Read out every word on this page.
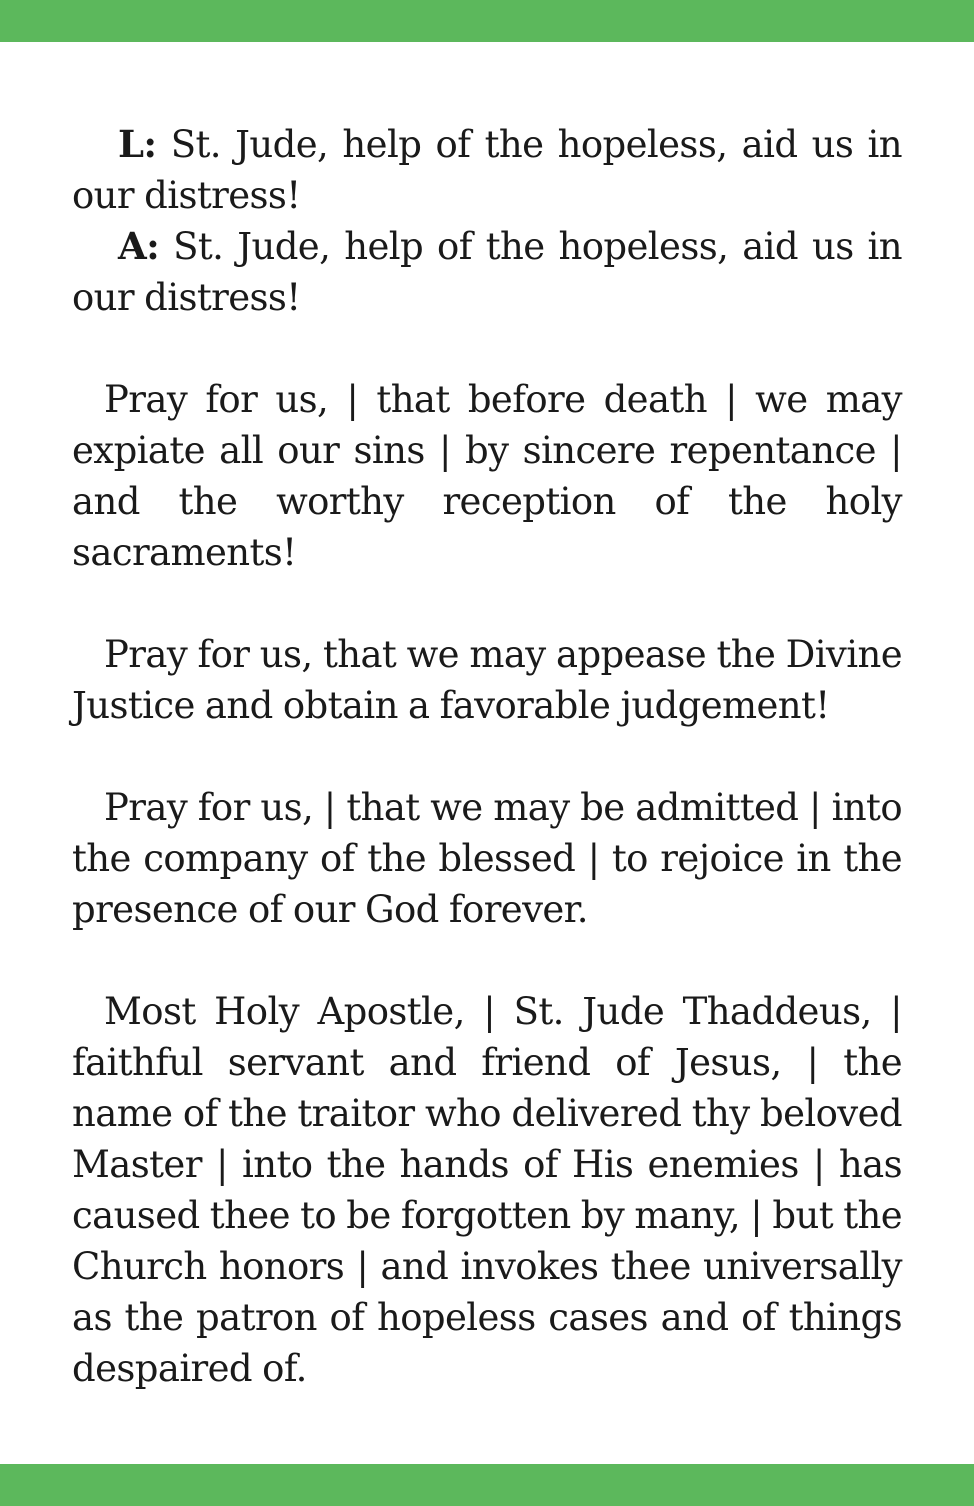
L: St. Jude, help of the hopeless, aid us in our distress!

A: St. Jude, help of the hopeless, aid us in our distress!

Pray for us, | that before death | we may expiate all our sins | by sincere repentance | and the worthy reception of the holy sacraments!

Pray for us, that we may appease the Divine Justice and obtain a favorable judgement!

Pray for us, | that we may be admitted | into the company of the blessed | to rejoice in the presence of our God forever.

Most Holy Apostle, | St. Jude Thaddeus, | faithful servant and friend of Jesus, | the name of the traitor who delivered thy beloved Master | into the hands of His enemies | has caused thee to be forgotten by many, | but the Church honors | and invokes thee universally as the patron of hopeless cases and of things despaired of.
